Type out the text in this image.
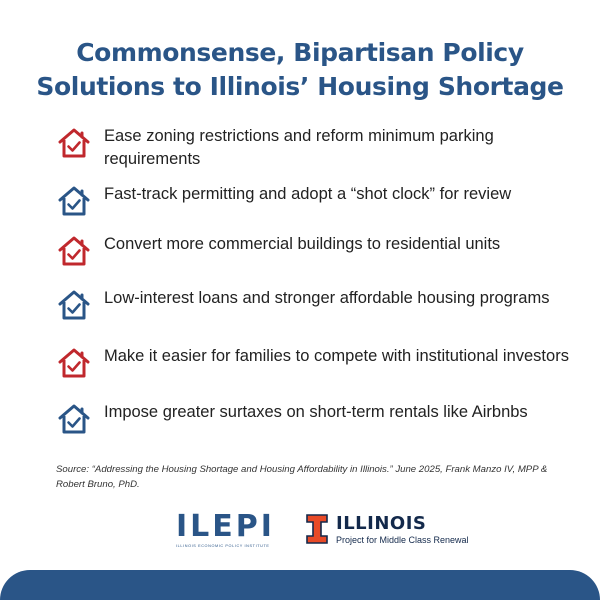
Commonsense, Bipartisan Policy
Solutions to Illinois’ Housing Shortage
Ease zoning restrictions and reform minimum parking requirements
Fast-track permitting and adopt a “shot clock” for review
Convert more commercial buildings to residential units
Low-interest loans and stronger affordable housing programs
Make it easier for families to compete with institutional investors
Impose greater surtaxes on short-term rentals like Airbnbs

Source: “Addressing the Housing Shortage and Housing Affordability in Illinois.” June 2025, Frank Manzo IV, MPP & Robert Bruno, PhD.

ILEPI
ILLINOIS ECONOMIC POLICY INSTITUTE
ILLINOIS
Project for Middle Class Renewal
